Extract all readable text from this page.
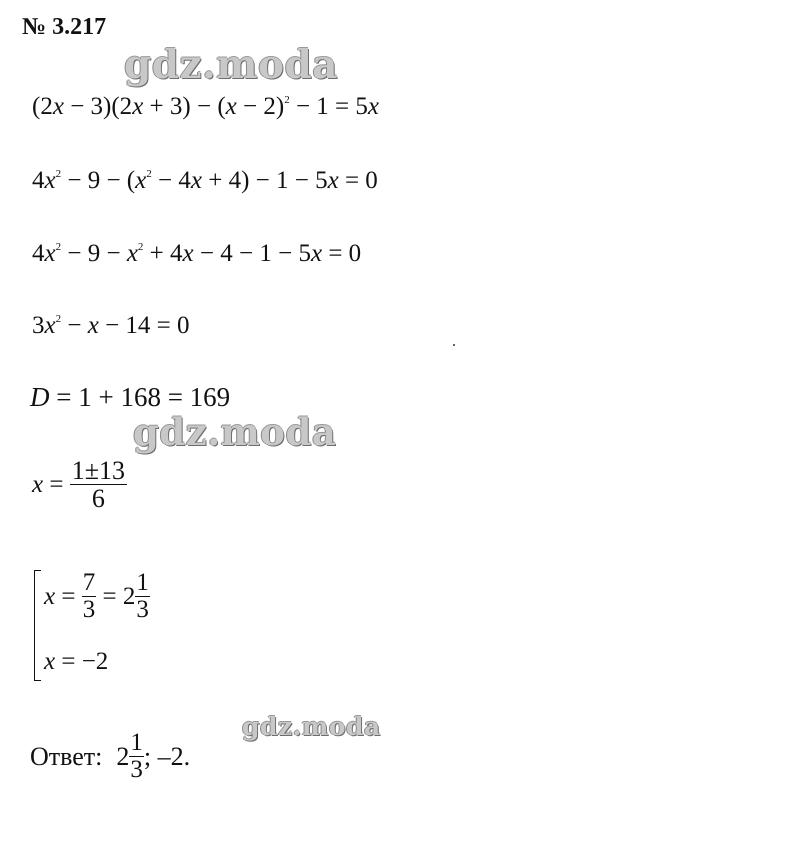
№ 3.217
gdz.moda
gdz.moda
gdz.moda
$(2x - 3)(2x + 3) - (x - 2)^2 - 1 = 5x$
$4x^2 - 9 - (x^2 - 4x + 4) - 1 - 5x = 0$
$4x^2 - 9 - x^2 + 4x - 4 - 1 - 5x = 0$
$3x^2 - x - 14 = 0$
D = 1 + 168 = 169
$x = \frac{1\pm 13}{6}$
$x = \frac{7}{3} = 2 \frac{1}{3}$
x = −2
Ответ: $2 \frac{1}{3}$ ; –2.
